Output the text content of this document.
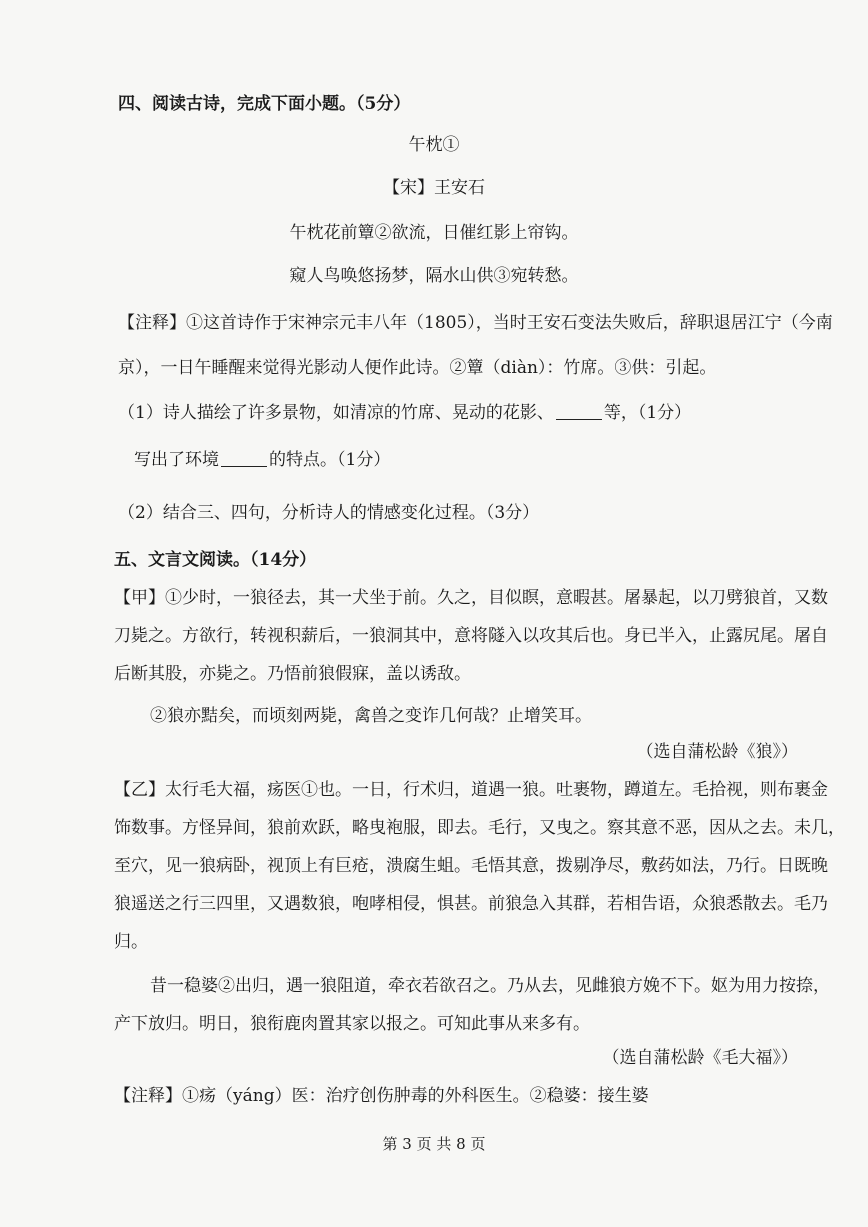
四、阅读古诗，完成下面小题。（5分）
午枕①
【宋】王安石
午枕花前簟②欲流，日催红影上帘钩。
窥人鸟唤悠扬梦，隔水山供③宛转愁。
【注释】①这首诗作于宋神宗元丰八年（1805），当时王安石变法失败后，辞职退居江宁（今南
京），一日午睡醒来觉得光影动人便作此诗。②簟（diàn）：竹席。③供：引起。
（1）诗人描绘了许多景物，如清凉的竹席、晃动的花影、	等，（1分）
写出了环境	的特点。（1分）
（2）结合三、四句，分析诗人的情感变化过程。（3分）
五、文言文阅读。（14分）
【甲】①少时，一狼径去，其一犬坐于前。久之，目似瞑，意暇甚。屠暴起，以刀劈狼首，又数
刀毙之。方欲行，转视积薪后，一狼洞其中，意将隧入以攻其后也。身已半入，止露尻尾。屠自
后断其股，亦毙之。乃悟前狼假寐，盖以诱敌。
②狼亦黠矣，而顷刻两毙，禽兽之变诈几何哉？止增笑耳。
（选自蒲松龄《狼》）
【乙】太行毛大福，疡医①也。一日，行术归，道遇一狼。吐裹物，蹲道左。毛拾视，则布裹金
饰数事。方怪异间，狼前欢跃，略曳袍服，即去。毛行，又曳之。察其意不恶，因从之去。未几，
至穴，见一狼病卧，视顶上有巨疮，溃腐生蛆。毛悟其意，拨剔净尽，敷药如法，乃行。日既晚
狼遥送之行三四里，又遇数狼，咆哮相侵，惧甚。前狼急入其群，若相告语，众狼悉散去。毛乃
归。
昔一稳婆②出归，遇一狼阻道，牵衣若欲召之。乃从去，见雌狼方娩不下。妪为用力按捺，
产下放归。明日，狼衔鹿肉置其家以报之。可知此事从来多有。
（选自蒲松龄《毛大福》）
【注释】①疡（yáng）医：治疗创伤肿毒的外科医生。②稳婆：接生婆
第 3 页 共 8 页
